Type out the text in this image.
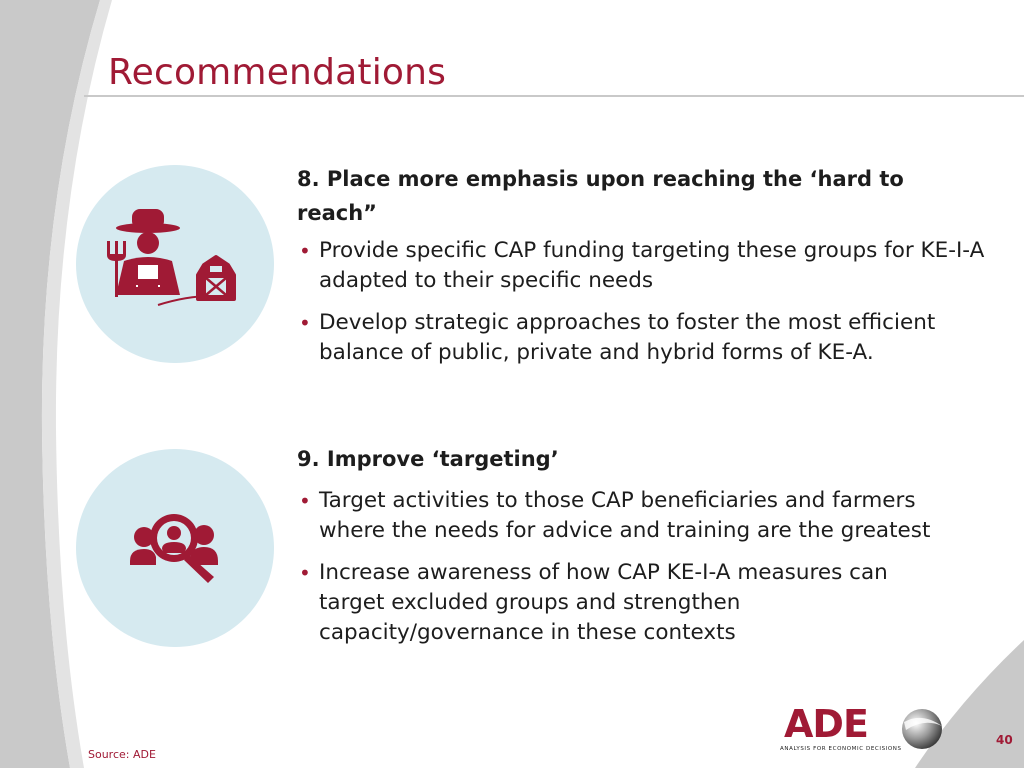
Recommendations
8. Place more emphasis upon reaching the ‘hard to reach”
• Provide specific CAP funding targeting these groups for KE-I-A adapted to their specific needs
• Develop strategic approaches to foster the most efficient balance of public, private and hybrid forms of KE-A.
9. Improve ‘targeting’
• Target activities to those CAP beneficiaries and farmers where the needs for advice and training are the greatest
• Increase awareness of how CAP KE-I-A measures can target excluded groups and strengthen capacity/governance in these contexts
Source: ADE
ADE
ANALYSIS FOR ECONOMIC DECISIONS
40
